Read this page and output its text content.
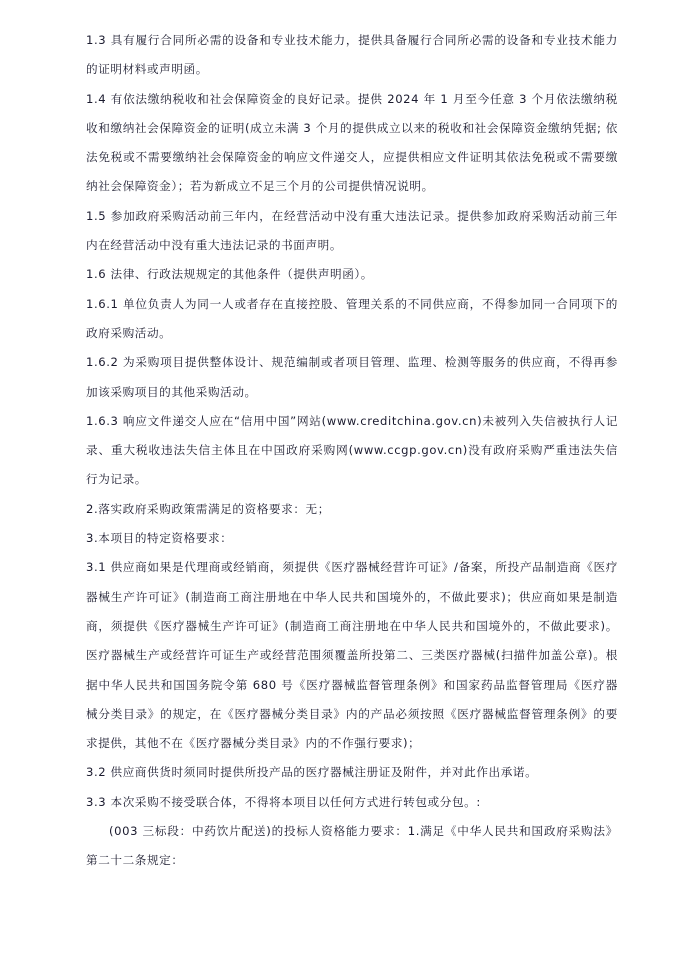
1.3 具有履行合同所必需的设备和专业技术能力，提供具备履行合同所必需的设备和专业技术能力的证明材料或声明函。

1.4 有依法缴纳税收和社会保障资金的良好记录。提供 2024 年 1 月至今任意 3 个月依法缴纳税收和缴纳社会保障资金的证明(成立未满 3 个月的提供成立以来的税收和社会保障资金缴纳凭据; 依法免税或不需要缴纳社会保障资金的响应文件递交人，应提供相应文件证明其依法免税或不需要缴纳社会保障资金）；若为新成立不足三个月的公司提供情况说明。

1.5 参加政府采购活动前三年内，在经营活动中没有重大违法记录。提供参加政府采购活动前三年内在经营活动中没有重大违法记录的书面声明。

1.6 法律、行政法规规定的其他条件（提供声明函）。

1.6.1 单位负责人为同一人或者存在直接控股、管理关系的不同供应商，不得参加同一合同项下的政府采购活动。

1.6.2 为采购项目提供整体设计、规范编制或者项目管理、监理、检测等服务的供应商，不得再参加该采购项目的其他采购活动。

1.6.3 响应文件递交人应在“信用中国”网站(www.creditchina.gov.cn)未被列入失信被执行人记录、重大税收违法失信主体且在中国政府采购网(www.ccgp.gov.cn)没有政府采购严重违法失信行为记录。

2.落实政府采购政策需满足的资格要求：无；

3.本项目的特定资格要求：

3.1 供应商如果是代理商或经销商，须提供《医疗器械经营许可证》/备案，所投产品制造商《医疗器械生产许可证》(制造商工商注册地在中华人民共和国境外的，不做此要求)；供应商如果是制造商，须提供《医疗器械生产许可证》(制造商工商注册地在中华人民共和国境外的，不做此要求)。医疗器械生产或经营许可证生产或经营范围须覆盖所投第二、三类医疗器械(扫描件加盖公章)。根据中华人民共和国国务院令第 680 号《医疗器械监督管理条例》和国家药品监督管理局《医疗器械分类目录》的规定，在《医疗器械分类目录》内的产品必须按照《医疗器械监督管理条例》的要求提供，其他不在《医疗器械分类目录》内的不作强行要求)；

3.2 供应商供货时须同时提供所投产品的医疗器械注册证及附件，并对此作出承诺。

3.3 本次采购不接受联合体，不得将本项目以任何方式进行转包或分包。:

(003 三标段：中药饮片配送)的投标人资格能力要求：1.满足《中华人民共和国政府采购法》第二十二条规定：
